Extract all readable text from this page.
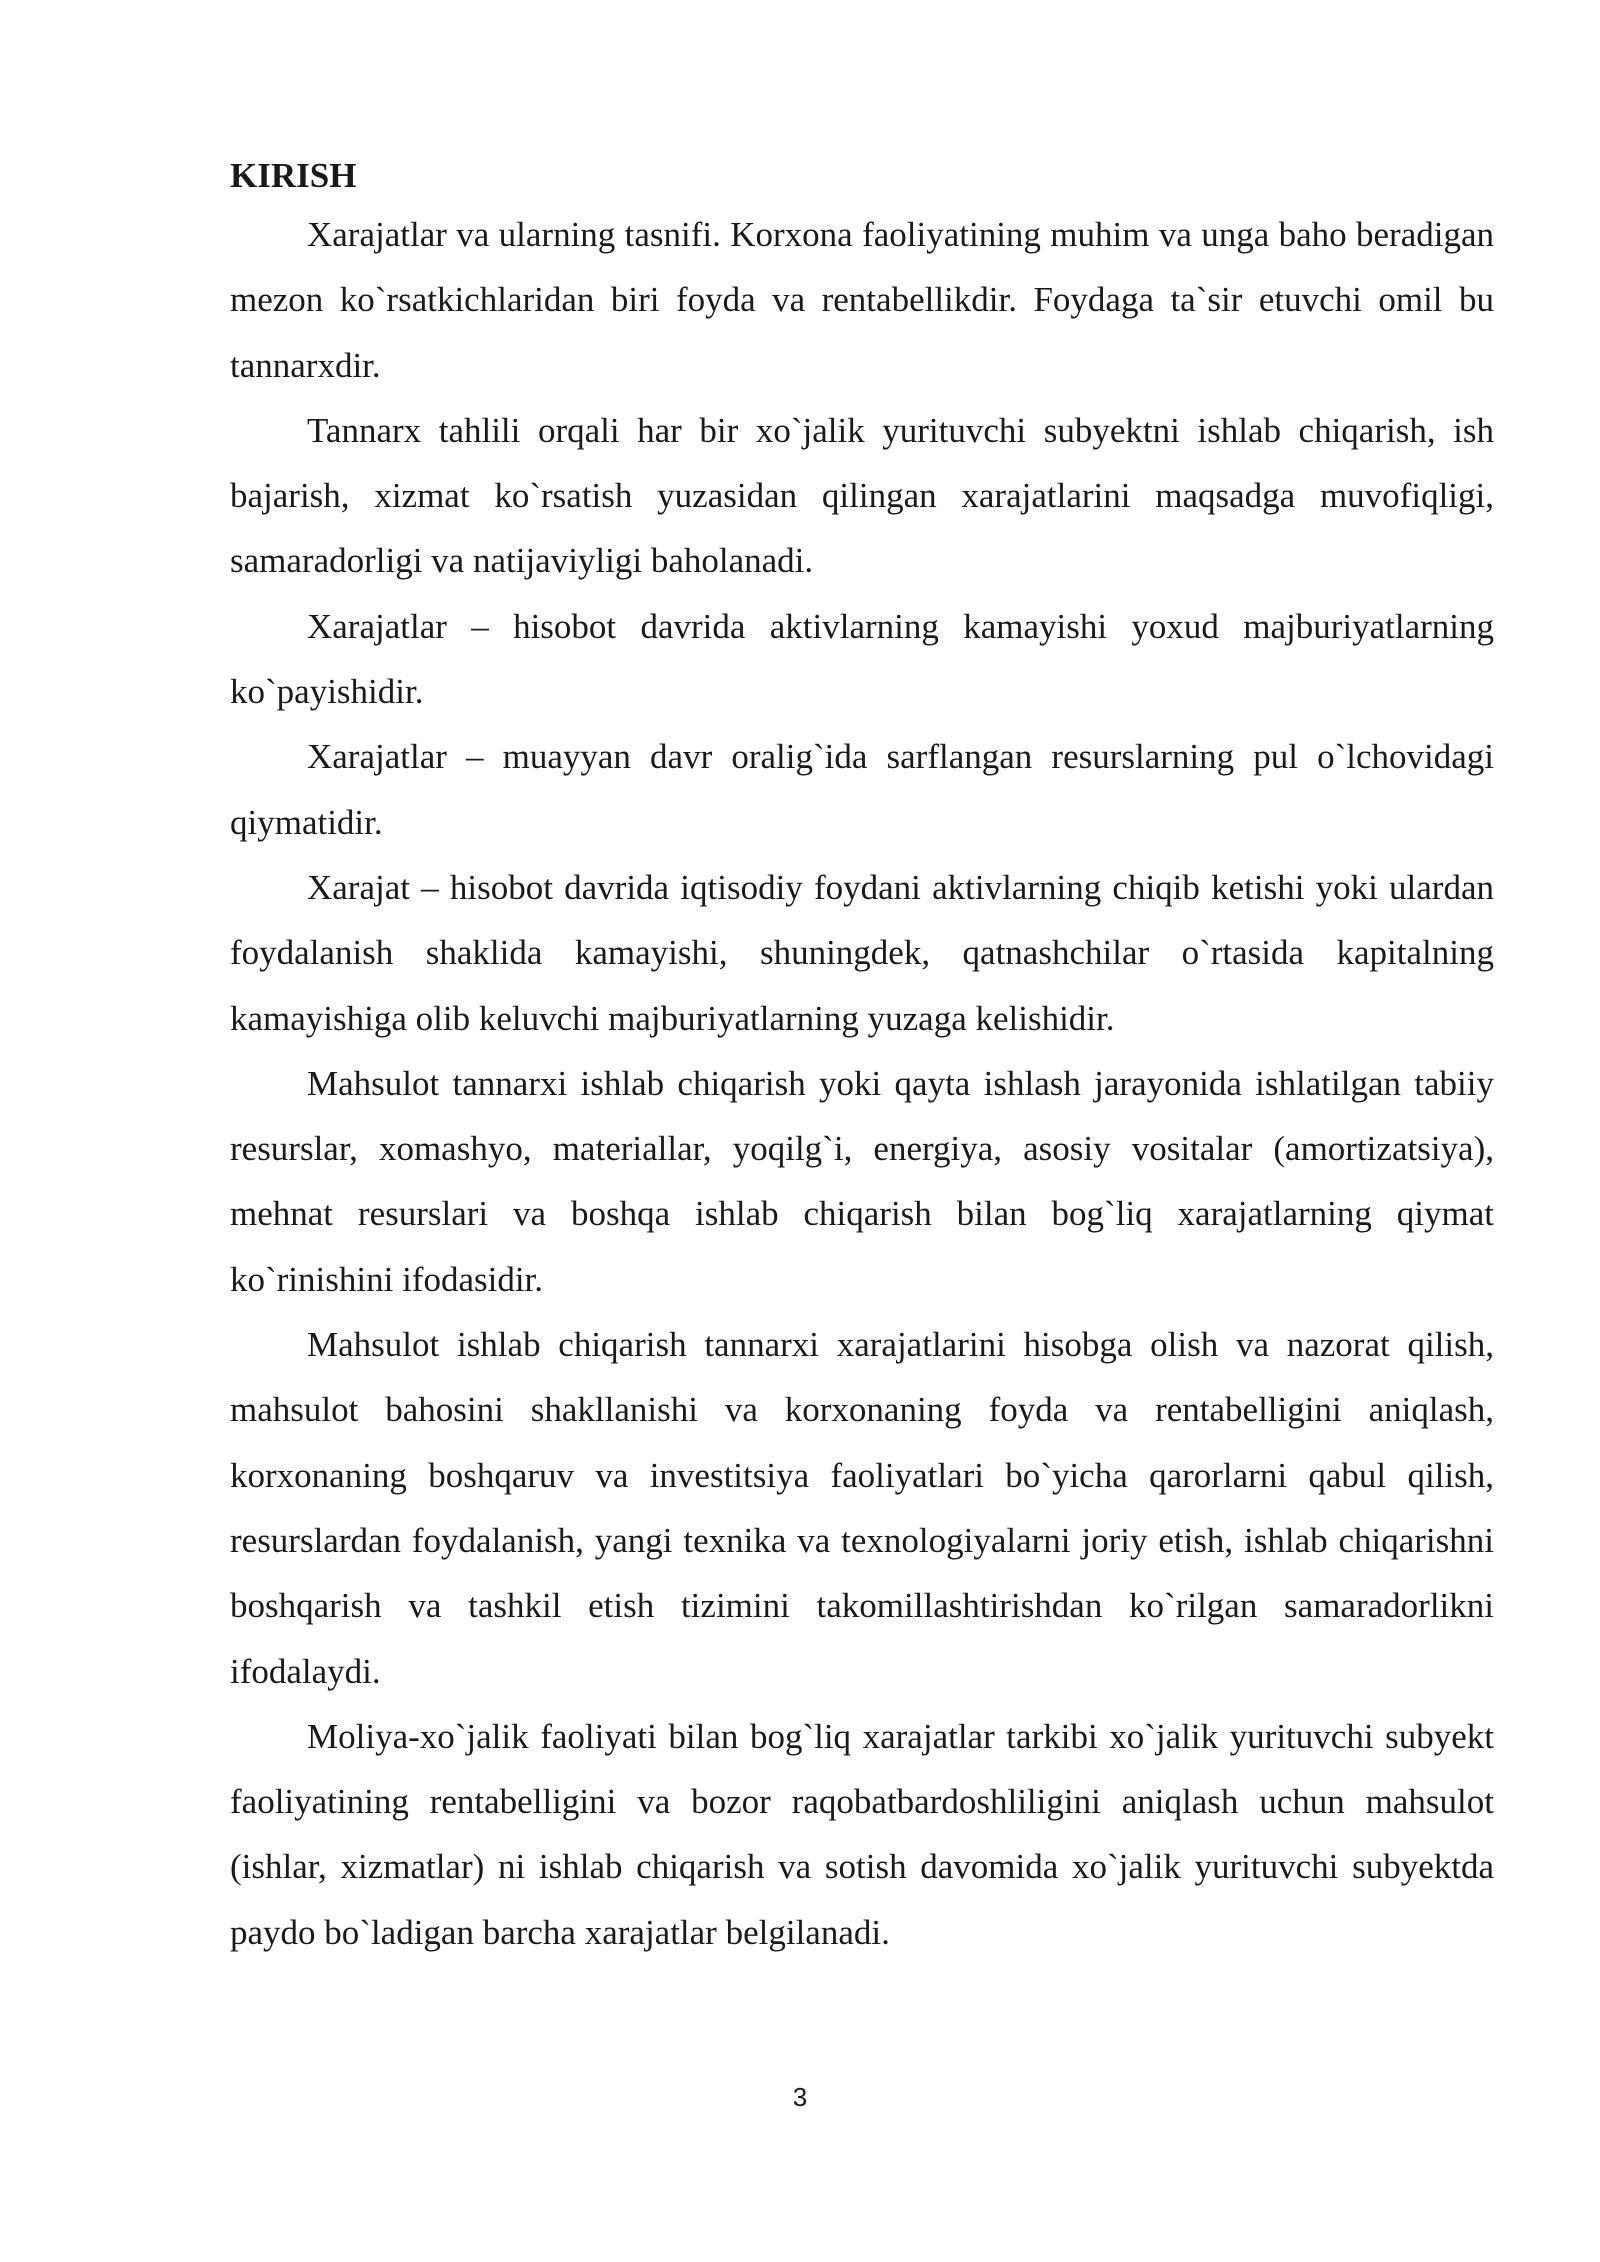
KIRISH

Xarajatlar va ularning tasnifi. Korxona faoliyatining muhim va unga baho beradigan mezon ko`rsatkichlaridan biri foyda va rentabellikdir. Foydaga ta`sir etuvchi omil bu tannarxdir.

Tannarx tahlili orqali har bir xo`jalik yurituvchi subyektni ishlab chiqarish, ish bajarish, xizmat ko`rsatish yuzasidan qilingan xarajatlarini maqsadga muvofiqligi, samaradorligi va natijaviyligi baholanadi.

Xarajatlar – hisobot davrida aktivlarning kamayishi yoxud majburiyatlarning ko`payishidir.

Xarajatlar – muayyan davr oralig`ida sarflangan resurslarning pul o`lchovidagi qiymatidir.

Xarajat – hisobot davrida iqtisodiy foydani aktivlarning chiqib ketishi yoki ulardan foydalanish shaklida kamayishi, shuningdek, qatnashchilar o`rtasida kapitalning kamayishiga olib keluvchi majburiyatlarning yuzaga kelishidir.

Mahsulot tannarxi ishlab chiqarish yoki qayta ishlash jarayonida ishlatilgan tabiiy resurslar, xomashyo, materiallar, yoqilg`i, energiya, asosiy vositalar (amortizatsiya), mehnat resurslari va boshqa ishlab chiqarish bilan bog`liq xarajatlarning qiymat ko`rinishini ifodasidir.

Mahsulot ishlab chiqarish tannarxi xarajatlarini hisobga olish va nazorat qilish, mahsulot bahosini shakllanishi va korxonaning foyda va rentabelligini aniqlash, korxonaning boshqaruv va investitsiya faoliyatlari bo`yicha qarorlarni qabul qilish, resurslardan foydalanish, yangi texnika va texnologiyalarni joriy etish, ishlab chiqarishni boshqarish va tashkil etish tizimini takomillashtirishdan ko`rilgan samaradorlikni ifodalaydi.

Moliya-xo`jalik faoliyati bilan bog`liq xarajatlar tarkibi xo`jalik yurituvchi subyekt faoliyatining rentabelligini va bozor raqobatbardoshliligini aniqlash uchun mahsulot (ishlar, xizmatlar) ni ishlab chiqarish va sotish davomida xo`jalik yurituvchi subyektda paydo bo`ladigan barcha xarajatlar belgilanadi.

3
